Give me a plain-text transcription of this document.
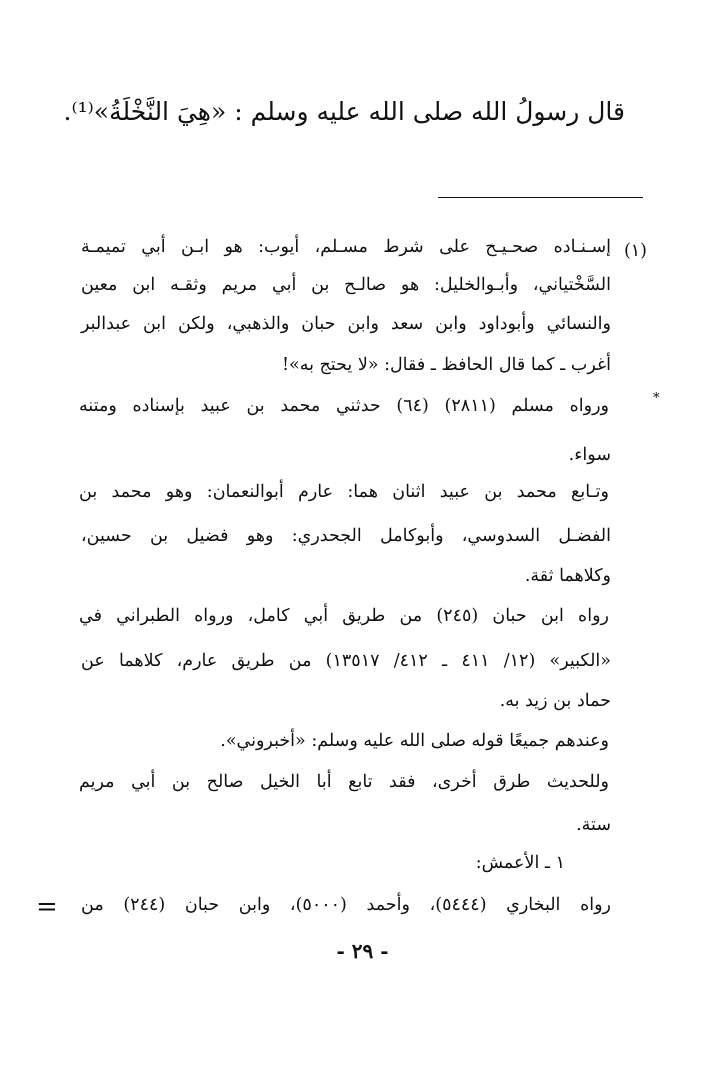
قال رسولُ الله صلى الله عليه وسلم : «هِيَ النَّخْلَةُ»⁽¹⁾.
(١)
إسـنـاده صحـيـح على شرط مسـلم، أيوب: هو ابـن أبي تميمـة
السَّخْتياني، وأبـوالخليل: هو صالـح بن أبي مريم وثقـه ابن معين
والنسائي وأبوداود وابن سعد وابن حبان والذهبي، ولكن ابن عبدالبر
أغرب ـ كما قال الحافظ ـ فقال: «لا يحتج به»!
ورواه مسلم (٢٨١١) (٦٤) حدثني محمد بن عبيد بإسناده ومتنه
سواء.
وتـابع محمد بن عبيد اثنان هما: عارم أبوالنعمان: وهو محمد بن
الفضـل السدوسي، وأبوكامل الجحدري: وهو فضيل بن حسين،
وكلاهما ثقة.
رواه ابن حبان (٢٤٥) من طريق أبي كامل، ورواه الطبراني في
«الكبير» (١٢/ ٤١١ ـ ٤١٢/ ١٣٥١٧) من طريق عارم، كلاهما عن
حماد بن زيد به.
وعندهم جميعًا قوله صلى الله عليه وسلم: «أخبروني».
وللحديث طرق أخرى، فقد تابع أبا الخيل صالح بن أبي مريم
ستة.
١ ـ الأعمش:
رواه البخاري (٥٤٤٤)، وأحمد (٥٠٠٠)، وابن حبان (٢٤٤) من
*
=
- ٢٩ -
